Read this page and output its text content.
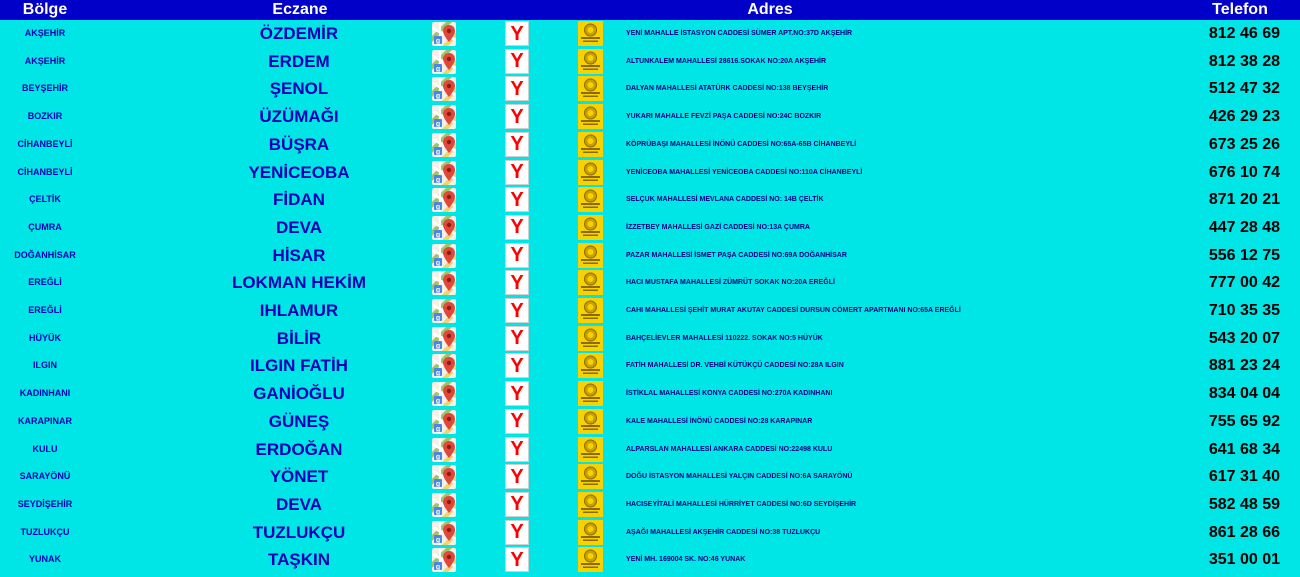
Bölge	Eczane	Adres	Telefon
AKŞEHİR	ÖZDEMİR	g	Y	YENİ MAHALLE İSTASYON CADDESİ SÜMER APT.NO:37D AKŞEHİR	812 46 69
AKŞEHİR	ERDEM	g	Y	ALTUNKALEM MAHALLESİ 28616.SOKAK NO:20A AKŞEHİR	812 38 28
BEYŞEHİR	ŞENOL	g	Y	DALYAN MAHALLESİ ATATÜRK CADDESİ NO:138 BEYŞEHİR	512 47 32
BOZKIR	ÜZÜMAĞI	g	Y	YUKARI MAHALLE FEVZİ PAŞA CADDESİ NO:24C BOZKIR	426 29 23
CİHANBEYLİ	BÜŞRA	g	Y	KÖPRÜBAŞI MAHALLESİ İNÖNÜ CADDESİ NO:65A-65B CİHANBEYLİ	673 25 26
CİHANBEYLİ	YENİCEOBA	g	Y	YENİCEOBA MAHALLESİ YENİCEOBA CADDESİ NO:110A CİHANBEYLİ	676 10 74
ÇELTİK	FİDAN	g	Y	SELÇUK MAHALLESİ MEVLANA CADDESİ NO: 14B ÇELTİK	871 20 21
ÇUMRA	DEVA	g	Y	İZZETBEY MAHALLESİ GAZİ CADDESİ NO:13A ÇUMRA	447 28 48
DOĞANHİSAR	HİSAR	g	Y	PAZAR MAHALLESİ İSMET PAŞA CADDESİ NO:69A DOĞANHİSAR	556 12 75
EREĞLİ	LOKMAN HEKİM	g	Y	HACI MUSTAFA MAHALLESİ ZÜMRÜT SOKAK NO:20A EREĞLİ	777 00 42
EREĞLİ	IHLAMUR	g	Y	CAHI MAHALLESİ ŞEHİT MURAT AKUTAY CADDESİ DURSUN CÖMERT APARTMANI NO:65A EREĞLİ	710 35 35
HÜYÜK	BİLİR	g	Y	BAHÇELİEVLER MAHALLESİ 110222. SOKAK NO:5 HÜYÜK	543 20 07
ILGIN	ILGIN FATİH	g	Y	FATİH MAHALLESİ DR. VEHBİ KÜTÜKÇÜ CADDESİ NO:28A ILGIN	881 23 24
KADINHANI	GANİOĞLU	g	Y	İSTİKLAL MAHALLESİ KONYA CADDESİ NO:270A KADINHANI	834 04 04
KARAPINAR	GÜNEŞ	g	Y	KALE MAHALLESİ İNÖNÜ CADDESİ NO:28 KARAPINAR	755 65 92
KULU	ERDOĞAN	g	Y	ALPARSLAN MAHALLESİ ANKARA CADDESİ NO:22498 KULU	641 68 34
SARAYÖNÜ	YÖNET	g	Y	DOĞU İSTASYON MAHALLESİ YALÇIN CADDESİ NO:6A SARAYÖNÜ	617 31 40
SEYDİŞEHİR	DEVA	g	Y	HACISEYİTALİ MAHALLESİ HÜRRİYET CADDESİ NO:6D SEYDİŞEHİR	582 48 59
TUZLUKÇU	TUZLUKÇU	g	Y	AŞAĞI MAHALLESİ AKŞEHİR CADDESİ NO:38 TUZLUKÇU	861 28 66
YUNAK	TAŞKIN	g	Y	YENİ MH. 169004 SK. NO:46 YUNAK	351 00 01
